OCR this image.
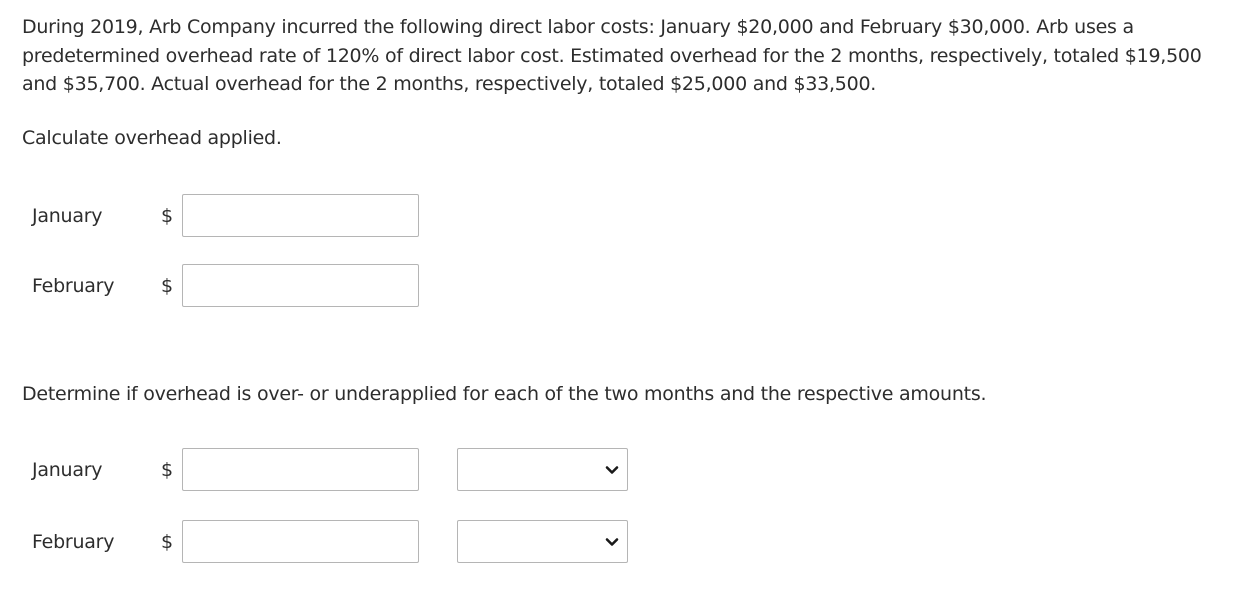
During 2019, Arb Company incurred the following direct labor costs: January $20,000 and February $30,000. Arb uses a predetermined overhead rate of 120% of direct labor cost. Estimated overhead for the 2 months, respectively, totaled $19,500 and $35,700. Actual overhead for the 2 months, respectively, totaled $25,000 and $33,500.

Calculate overhead applied.

January	$
February $

Determine if overhead is over- or underapplied for each of the two months and the respective amounts.

January	$
February $
